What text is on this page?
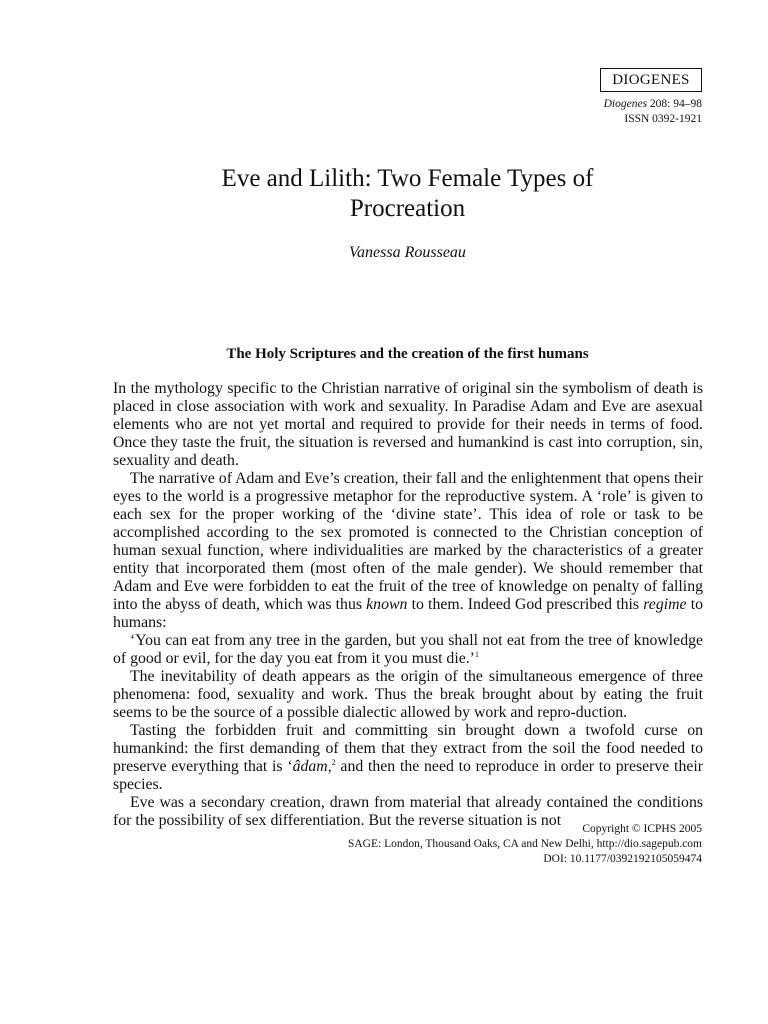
DIOGENES
Diogenes 208: 94–98
ISSN 0392-1921
Eve and Lilith: Two Female Types of
Procreation
Vanessa Rousseau
The Holy Scriptures and the creation of the first humans

In the mythology specific to the Christian narrative of original sin the symbolism of death is placed in close association with work and sexuality. In Paradise Adam and Eve are asexual elements who are not yet mortal and required to provide for their needs in terms of food. Once they taste the fruit, the situation is reversed and humankind is cast into corruption, sin, sexuality and death.

The narrative of Adam and Eve’s creation, their fall and the enlightenment that opens their eyes to the world is a progressive metaphor for the reproductive system. A ‘role’ is given to each sex for the proper working of the ‘divine state’. This idea of role or task to be accomplished according to the sex promoted is connected to the Christian conception of human sexual function, where individualities are marked by the characteristics of a greater entity that incorporated them (most often of the male gender). We should remember that Adam and Eve were forbidden to eat the fruit of the tree of knowledge on penalty of falling into the abyss of death, which was thus known to them. Indeed God prescribed this regime to humans:

‘You can eat from any tree in the garden, but you shall not eat from the tree of knowledge of good or evil, for the day you eat from it you must die.’$^1$

The inevitability of death appears as the origin of the simultaneous emergence of three phenomena: food, sexuality and work. Thus the break brought about by eating the fruit seems to be the source of a possible dialectic allowed by work and repro-duction.

Tasting the forbidden fruit and committing sin brought down a twofold curse on humankind: the first demanding of them that they extract from the soil the food needed to preserve everything that is ‘âdam,$^2$ and then the need to reproduce in order to preserve their species.

Eve was a secondary creation, drawn from material that already contained the conditions for the possibility of sex differentiation. But the reverse situation is not	Copyright © ICPHS 2005
SAGE: London, Thousand Oaks, CA and New Delhi, http://dio.sagepub.com
DOI: 10.1177/0392192105059474
